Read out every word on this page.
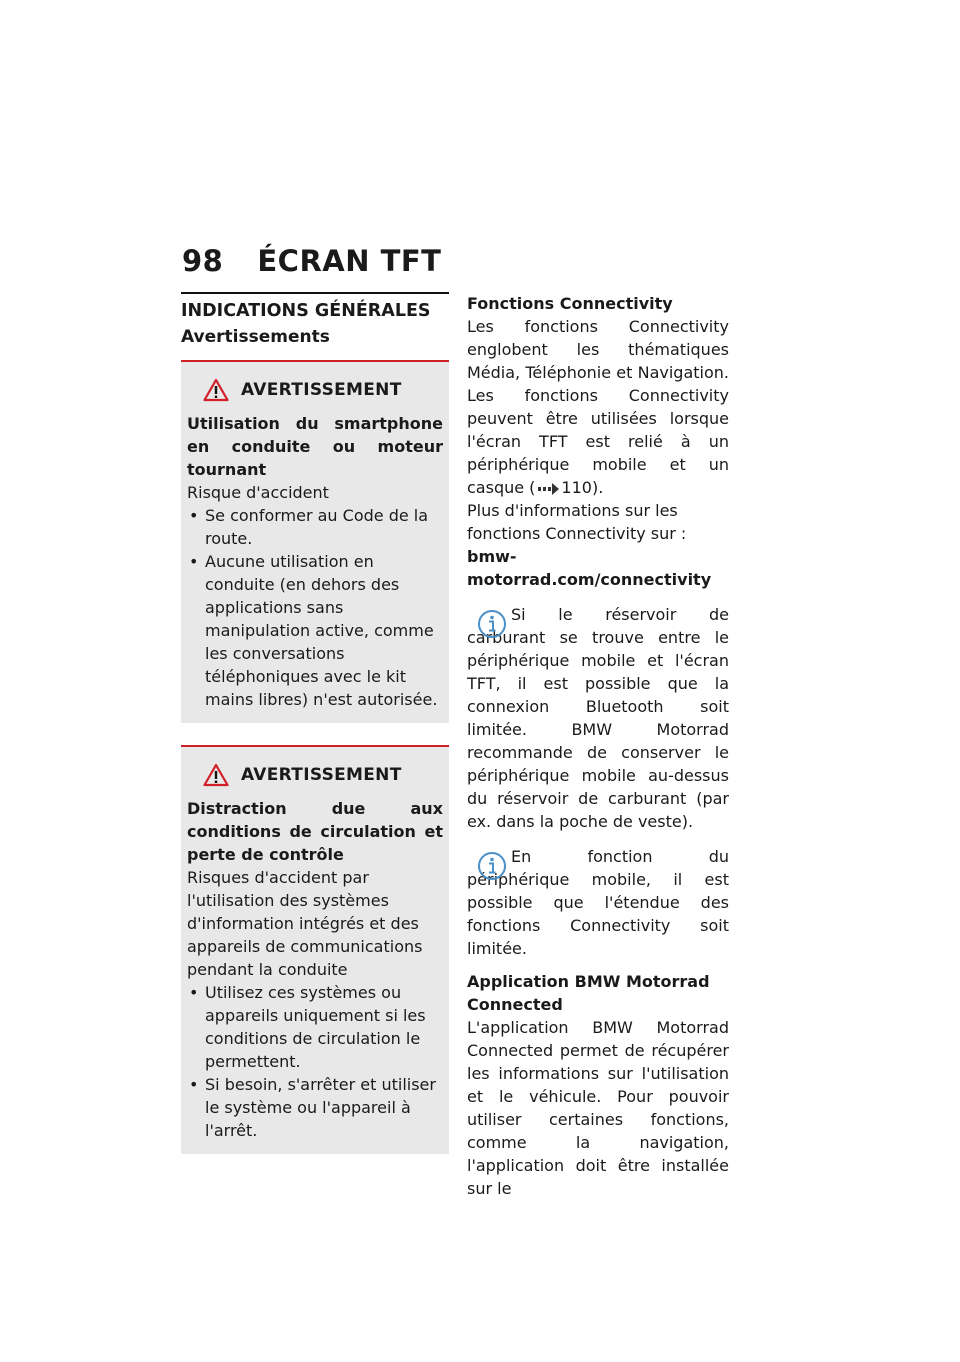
98 ÉCRAN TFT
INDICATIONS GÉNÉRALES
Avertissements
AVERTISSEMENT
Utilisation du smartphone en conduite ou moteur tournant

Risque d'accident

• Se conformer au Code de la route.
• Aucune utilisation en conduite (en dehors des applications sans manipulation active, comme les conversations téléphoniques avec le kit mains libres) n'est autorisée.
AVERTISSEMENT
Distraction due aux conditions de circulation et perte de contrôle

Risques d'accident par l'utilisation des systèmes d'information intégrés et des appareils de communications pendant la conduite

• Utilisez ces systèmes ou appareils uniquement si les conditions de circulation le permettent.
• Si besoin, s'arrêter et utiliser le système ou l'appareil à l'arrêt.
Fonctions Connectivity

Les fonctions Connectivity englobent les thématiques Média, Téléphonie et Navigation. Les fonctions Connectivity peuvent être utilisées lorsque l'écran TFT est relié à un périphérique mobile et un casque ( 110).

Plus d'informations sur les fonctions Connectivity sur : bmw-motorrad.com/connectivity

Si le réservoir de carburant se trouve entre le périphérique mobile et l'écran TFT, il est possible que la connexion Bluetooth soit limitée. BMW Motorrad recommande de conserver le périphérique mobile au-dessus du réservoir de carburant (par ex. dans la poche de veste).

En fonction du périphérique mobile, il est possible que l'étendue des fonctions Connectivity soit limitée.

Application BMW Motorrad Connected

L'application BMW Motorrad Connected permet de récupérer les informations sur l'utilisation et le véhicule. Pour pouvoir utiliser certaines fonctions, comme la navigation, l'application doit être installée sur le
